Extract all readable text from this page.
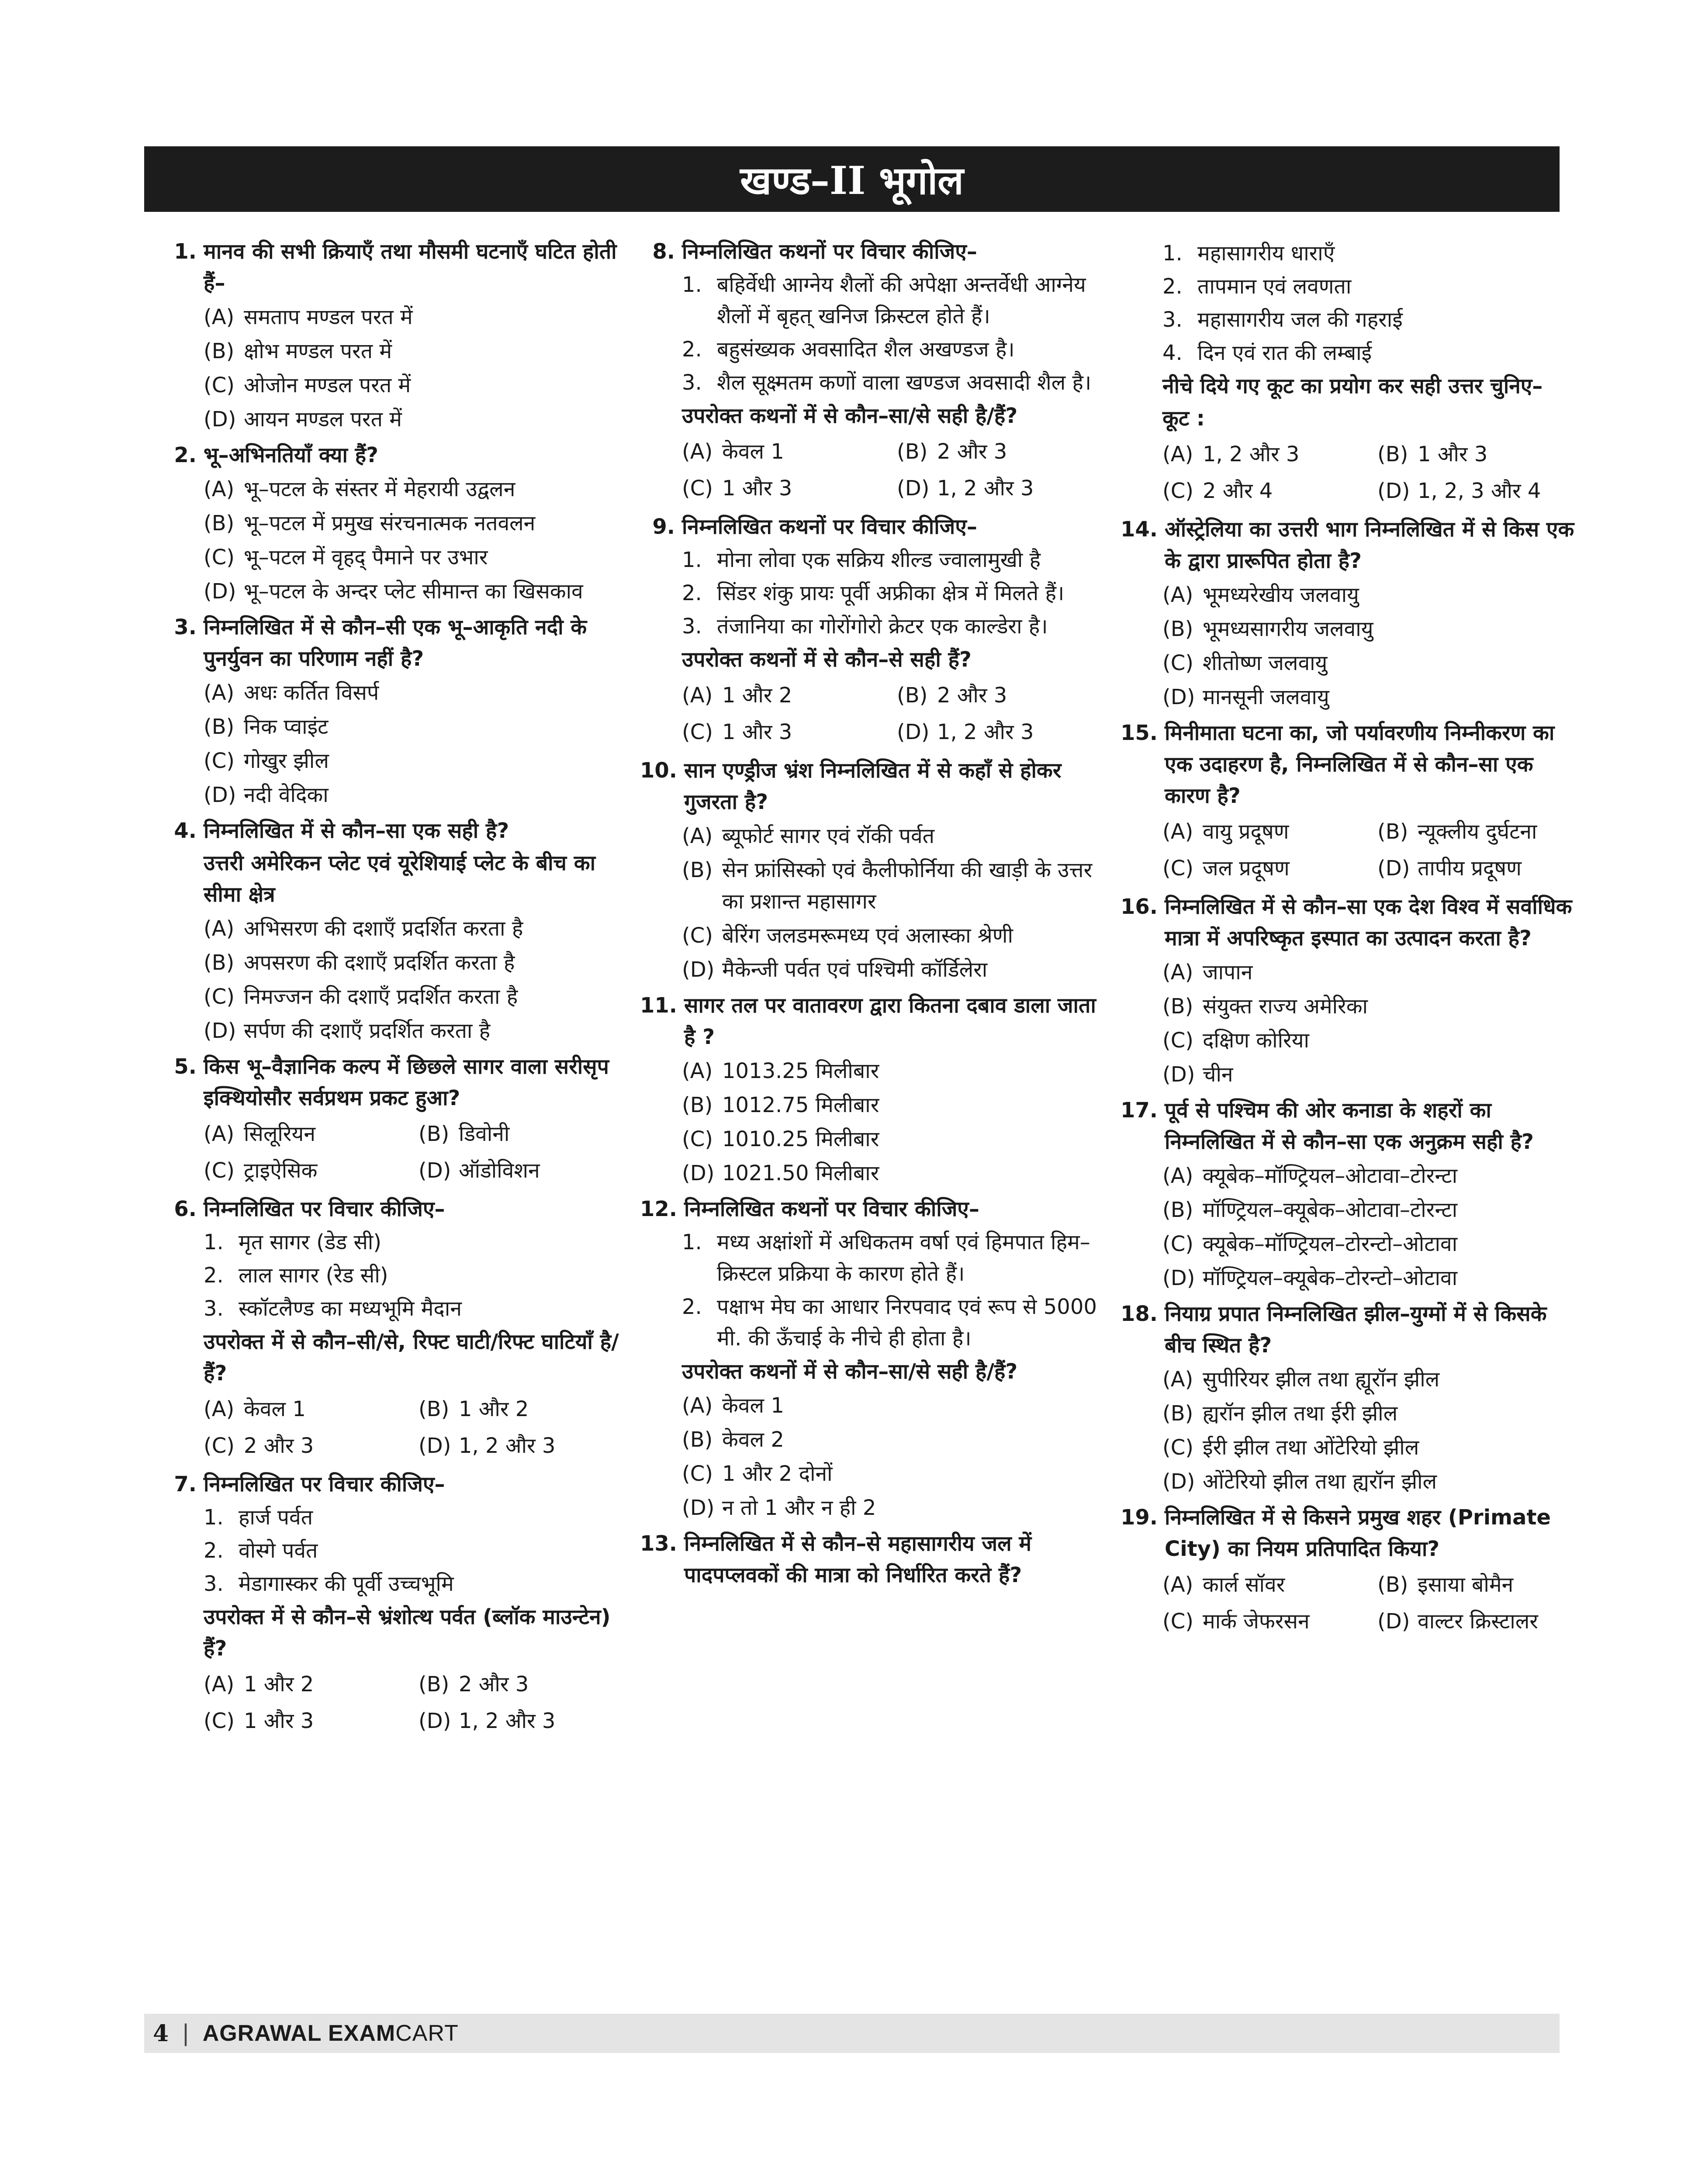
खण्ड–II भूगोल
1. मानव की सभी क्रियाएँ तथा मौसमी घटनाएँ घटित होती हैं–
(A) समताप मण्डल परत में
(B) क्षोभ मण्डल परत में
(C) ओजोन मण्डल परत में
(D) आयन मण्डल परत में
2. भू–अभिनतियाँ क्या हैं?
(A) भू–पटल के संस्तर में मेहरायी उद्वलन
(B) भू–पटल में प्रमुख संरचनात्मक नतवलन
(C) भू–पटल में वृहद् पैमाने पर उभार
(D) भू–पटल के अन्दर प्लेट सीमान्त का खिसकाव
3. निम्नलिखित में से कौन–सी एक भू–आकृति नदी के पुनर्युवन का परिणाम नहीं है?
(A) अधः कर्तित विसर्प
(B) निक प्वाइंट
(C) गोखुर झील
(D) नदी वेदिका
4. निम्नलिखित में से कौन–सा एक सही है?
उत्तरी अमेरिकन प्लेट एवं यूरेशियाई प्लेट के बीच का सीमा क्षेत्र
(A) अभिसरण की दशाएँ प्रदर्शित करता है
(B) अपसरण की दशाएँ प्रदर्शित करता है
(C) निमज्जन की दशाएँ प्रदर्शित करता है
(D) सर्पण की दशाएँ प्रदर्शित करता है
5. किस भू–वैज्ञानिक कल्प में छिछले सागर वाला सरीसृप इक्थियोसौर सर्वप्रथम प्रकट हुआ?
(A) सिलूरियन	(B) डिवोनी
(C) ट्राइऐसिक	(D) ऑडोविशन
6. निम्नलिखित पर विचार कीजिए–
1. मृत सागर (डेड सी)
2. लाल सागर (रेड सी)
3. स्कॉटलैण्ड का मध्यभूमि मैदान
उपरोक्त में से कौन–सी/से, रिफ्ट घाटी/रिफ्ट घाटियाँ है/हैं?
(A) केवल 1	(B) 1 और 2
(C) 2 और 3	(D) 1, 2 और 3
7. निम्नलिखित पर विचार कीजिए–
1. हार्ज पर्वत
2. वोस्गे पर्वत
3. मेडागास्कर की पूर्वी उच्चभूमि
उपरोक्त में से कौन–से भ्रंशोत्थ पर्वत (ब्लॉक माउन्टेन) हैं?
(A) 1 और 2	(B) 2 और 3
(C) 1 और 3	(D) 1, 2 और 3
8. निम्नलिखित कथनों पर विचार कीजिए–
1. बहिर्वेधी आग्नेय शैलों की अपेक्षा अन्तर्वेधी आग्नेय शैलों में बृहत् खनिज क्रिस्टल होते हैं।
2. बहुसंख्यक अवसादित शैल अखण्डज है।
3. शैल सूक्ष्मतम कणों वाला खण्डज अवसादी शैल है।
उपरोक्त कथनों में से कौन–सा/से सही है/हैं?
(A) केवल 1	(B) 2 और 3
(C) 1 और 3	(D) 1, 2 और 3
9. निम्नलिखित कथनों पर विचार कीजिए–
1. मोना लोवा एक सक्रिय शील्ड ज्वालामुखी है
2. सिंडर शंकु प्रायः पूर्वी अफ्रीका क्षेत्र में मिलते हैं।
3. तंजानिया का गोरोंगोरो क्रेटर एक काल्डेरा है।
उपरोक्त कथनों में से कौन–से सही हैं?
(A) 1 और 2	(B) 2 और 3
(C) 1 और 3	(D) 1, 2 और 3
10. सान एण्ड्रीज भ्रंश निम्नलिखित में से कहाँ से होकर गुजरता है?
(A) ब्यूफोर्ट सागर एवं रॉकी पर्वत
(B) सेन फ्रांसिस्को एवं कैलीफोर्निया की खाड़ी के उत्तर का प्रशान्त महासागर
(C) बेरिंग जलडमरूमध्य एवं अलास्का श्रेणी
(D) मैकेन्जी पर्वत एवं पश्चिमी कॉर्डिलेरा
11. सागर तल पर वातावरण द्वारा कितना दबाव डाला जाता है ?
(A) 1013.25 मिलीबार
(B) 1012.75 मिलीबार
(C) 1010.25 मिलीबार
(D) 1021.50 मिलीबार
12. निम्नलिखित कथनों पर विचार कीजिए–
1. मध्य अक्षांशों में अधिकतम वर्षा एवं हिमपात हिम–क्रिस्टल प्रक्रिया के कारण होते हैं।
2. पक्षाभ मेघ का आधार निरपवाद एवं रूप से 5000 मी. की ऊँचाई के नीचे ही होता है।
उपरोक्त कथनों में से कौन–सा/से सही है/हैं?
(A) केवल 1
(B) केवल 2
(C) 1 और 2 दोनों
(D) न तो 1 और न ही 2
13. निम्नलिखित में से कौन–से महासागरीय जल में पादपप्लवकों की मात्रा को निर्धारित करते हैं?
1. महासागरीय धाराएँ
2. तापमान एवं लवणता
3. महासागरीय जल की गहराई
4. दिन एवं रात की लम्बाई
नीचे दिये गए कूट का प्रयोग कर सही उत्तर चुनिए–
कूट :
(A) 1, 2 और 3	(B) 1 और 3
(C) 2 और 4	(D) 1, 2, 3 और 4
14. ऑस्ट्रेलिया का उत्तरी भाग निम्नलिखित में से किस एक के द्वारा प्रारूपित होता है?
(A) भूमध्यरेखीय जलवायु
(B) भूमध्यसागरीय जलवायु
(C) शीतोष्ण जलवायु
(D) मानसूनी जलवायु
15. मिनीमाता घटना का, जो पर्यावरणीय निम्नीकरण का एक उदाहरण है, निम्नलिखित में से कौन–सा एक कारण है?
(A) वायु प्रदूषण	(B) न्यूक्लीय दुर्घटना
(C) जल प्रदूषण	(D) तापीय प्रदूषण
16. निम्नलिखित में से कौन–सा एक देश विश्व में सर्वाधिक मात्रा में अपरिष्कृत इस्पात का उत्पादन करता है?
(A) जापान
(B) संयुक्त राज्य अमेरिका
(C) दक्षिण कोरिया
(D) चीन
17. पूर्व से पश्चिम की ओर कनाडा के शहरों का निम्नलिखित में से कौन–सा एक अनुक्रम सही है?
(A) क्यूबेक–मॉण्ट्रियल–ओटावा–टोरन्टा
(B) मॉण्ट्रियल–क्यूबेक–ओटावा–टोरन्टा
(C) क्यूबेक–मॉण्ट्रियल–टोरन्टो–ओटावा
(D) मॉण्ट्रियल–क्यूबेक–टोरन्टो–ओटावा
18. नियाग्र प्रपात निम्नलिखित झील–युग्मों में से किसके बीच स्थित है?
(A) सुपीरियर झील तथा ह्यूरॉन झील
(B) ह्यरॉन झील तथा ईरी झील
(C) ईरी झील तथा ओंटेरियो झील
(D) ओंटेरियो झील तथा ह्यरॉन झील
19. निम्नलिखित में से किसने प्रमुख शहर (Primate City) का नियम प्रतिपादित किया?
(A) कार्ल सॉवर	(B) इसाया बोमैन
(C) मार्क जेफरसन	(D) वाल्टर क्रिस्टालर
4 | AGRAWAL EXAMCART
